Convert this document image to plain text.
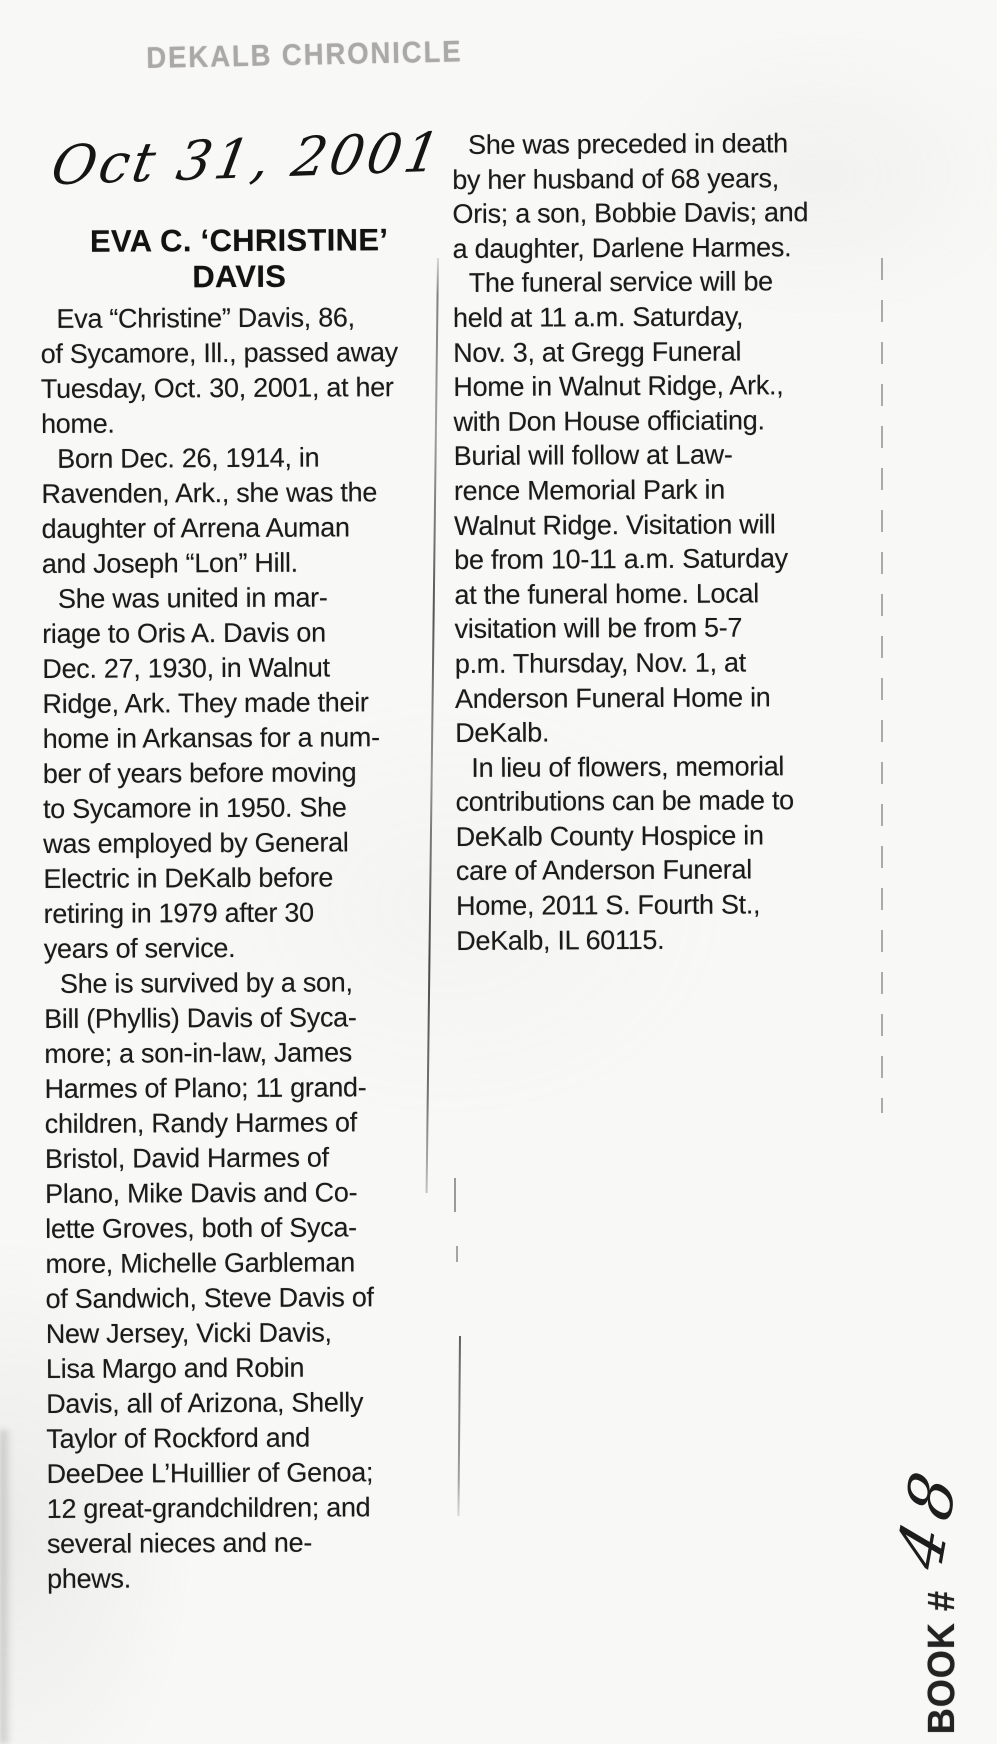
DEKALB CHRONICLE
Oct 31, 2001
EVA C. ‘CHRISTINE’
DAVIS

Eva “Christine” Davis, 86,
of Sycamore, Ill., passed away
Tuesday, Oct. 30, 2001, at her
home.

Born Dec. 26, 1914, in
Ravenden, Ark., she was the
daughter of Arrena Auman
and Joseph “Lon” Hill.

She was united in mar-
riage to Oris A. Davis on
Dec. 27, 1930, in Walnut
Ridge, Ark. They made their
home in Arkansas for a num-
ber of years before moving
to Sycamore in 1950. She
was employed by General
Electric in DeKalb before
retiring in 1979 after 30
years of service.

She is survived by a son,
Bill (Phyllis) Davis of Syca-
more; a son-in-law, James
Harmes of Plano; 11 grand-
children, Randy Harmes of
Bristol, David Harmes of
Plano, Mike Davis and Co-
lette Groves, both of Syca-
more, Michelle Garbleman
of Sandwich, Steve Davis of
New Jersey, Vicki Davis,
Lisa Margo and Robin
Davis, all of Arizona, Shelly
Taylor of Rockford and
DeeDee L’Huillier of Genoa;
12 great-grandchildren; and
several nieces and ne-
phews.

She was preceded in death
by her husband of 68 years,
Oris; a son, Bobbie Davis; and
a daughter, Darlene Harmes.

The funeral service will be
held at 11 a.m. Saturday,
Nov. 3, at Gregg Funeral
Home in Walnut Ridge, Ark.,
with Don House officiating.
Burial will follow at Law-
rence Memorial Park in
Walnut Ridge. Visitation will
be from 10-11 a.m. Saturday
at the funeral home. Local
visitation will be from 5-7
p.m. Thursday, Nov. 1, at
Anderson Funeral Home in
DeKalb.

In lieu of flowers, memorial
contributions can be made to
DeKalb County Hospice in
care of Anderson Funeral
Home, 2011 S. Fourth St.,
DeKalb, IL 60115.

48
BOOK #
